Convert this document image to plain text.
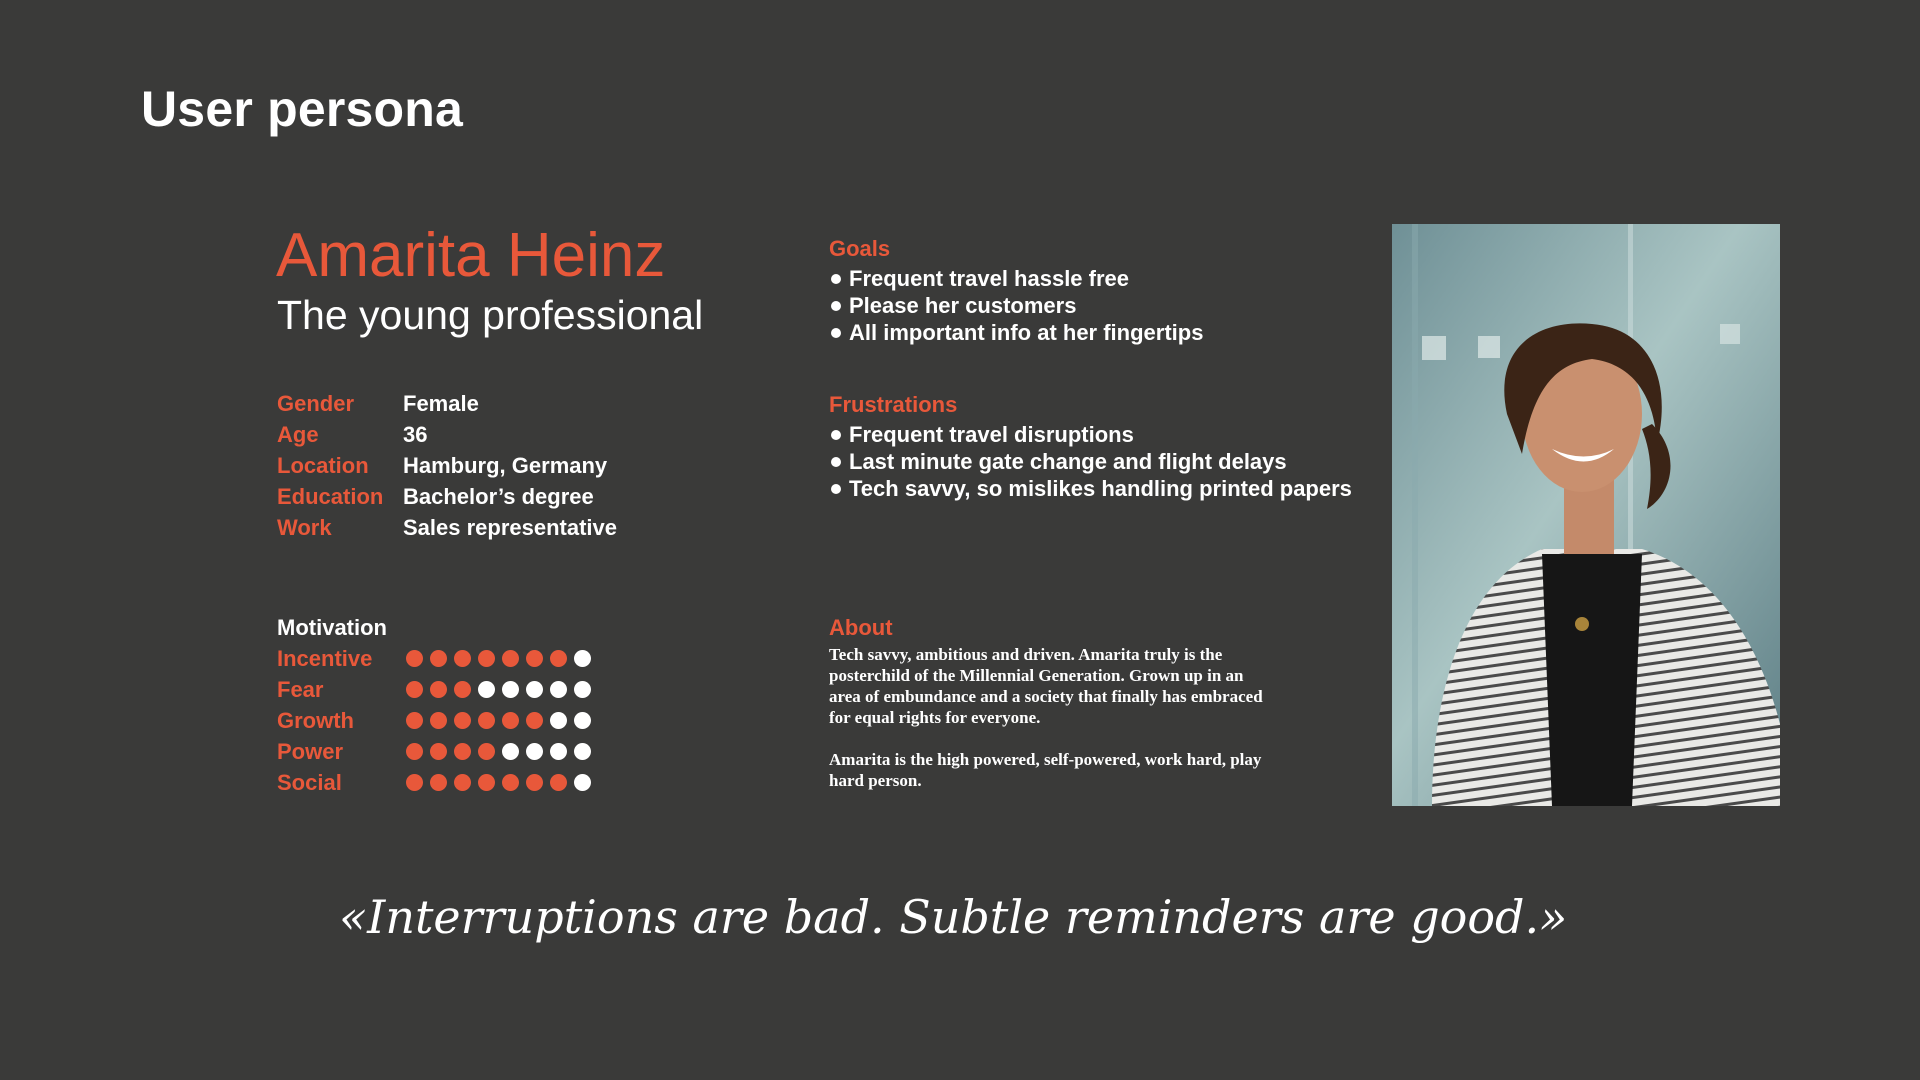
User persona
Amarita Heinz
The young professional
Gender	Female
Age	36
Location	Hamburg, Germany
Education Bachelor’s degree
Work	Sales representative
Motivation
Incentive
Fear
Growth
Power
Social
Goals
Frequent travel hassle free
Please her customers
All important info at her fingertips
Frustrations
Frequent travel disruptions
Last minute gate change and flight delays
Tech savvy, so mislikes handling printed papers
About

Tech savvy, ambitious and driven. Amarita truly is the posterchild of the Millennial Generation. Grown up in an area of embundance and a society that finally has embraced for equal rights for everyone.

Amarita is the high powered, self-powered, work hard, play hard person.

«Interruptions are bad. Subtle reminders are good.»
